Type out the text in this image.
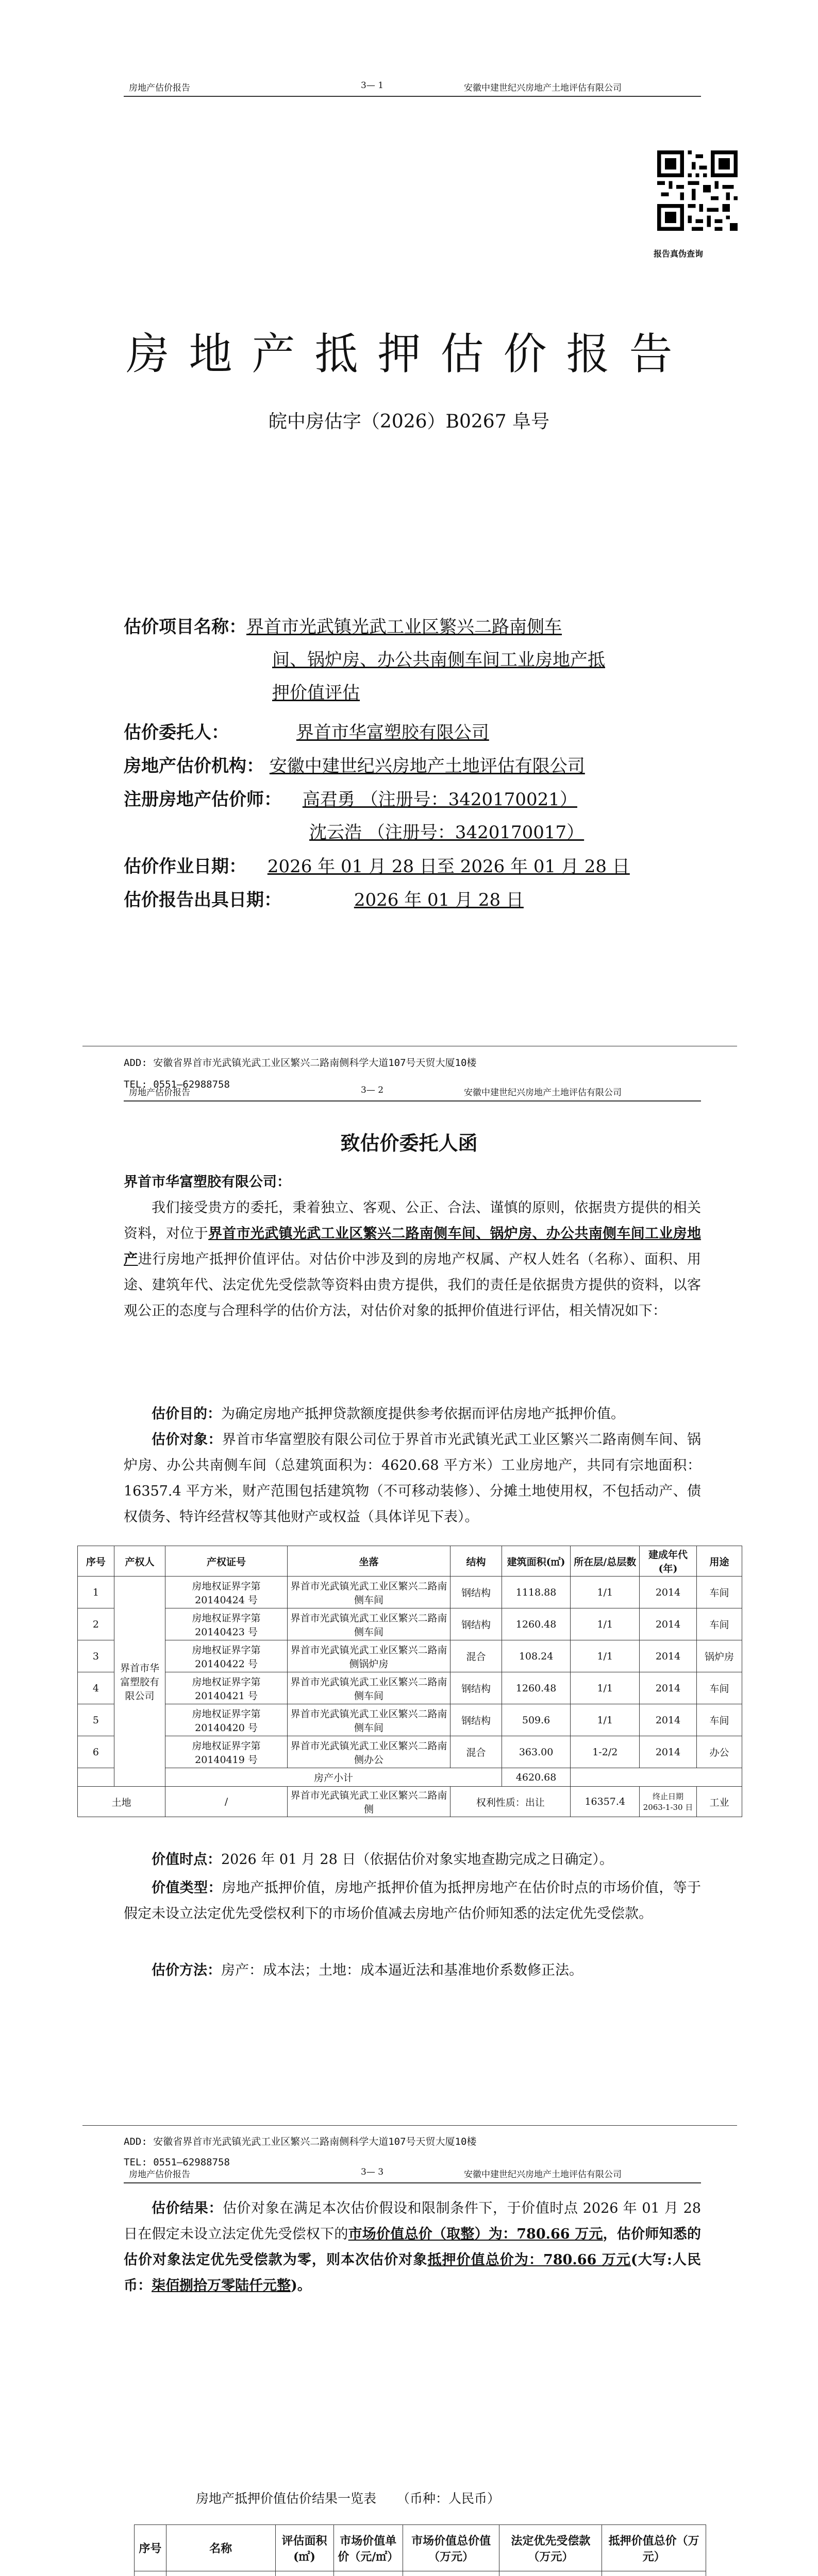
房地产估价报告	3— 1	安徽中建世纪兴房地产土地评估有限公司
报告真伪查询
房地产抵押估价报告
皖中房估字（2026）B0267 阜号
估价项目名称：界首市光武镇光武工业区繁兴二路南侧车
间、锅炉房、办公共南侧车间工业房地产抵
押价值评估
估价委托人：	界首市华富塑胶有限公司
房地产估价机构： 安徽中建世纪兴房地产土地评估有限公司
注册房地产估价师： 高君勇 （注册号：3420170021）
沈云浩 （注册号：3420170017）
估价作业日期： 2026 年 01 月 28 日至 2026 年 01 月 28 日
估价报告出具日期：	2026 年 01 月 28 日
ADD: 安徽省界首市光武镇光武工业区繁兴二路南侧科学大道107号天贸大厦10楼
TEL: 0551—62988758
房地产估价报告	3— 2	安徽中建世纪兴房地产土地评估有限公司
致估价委托人函
界首市华富塑胶有限公司：
我们接受贵方的委托，秉着独立、客观、公正、合法、谨慎的原则，依据贵方提供的相关资料，对位于界首市光武镇光武工业区繁兴二路南侧车间、锅炉房、办公共南侧车间工业房地产进行房地产抵押价值评估。对估价中涉及到的房地产权属、产权人姓名（名称）、面积、用途、建筑年代、法定优先受偿款等资料由贵方提供，我们的责任是依据贵方提供的资料，以客观公正的态度与合理科学的估价方法，对估价对象的抵押价值进行评估，相关情况如下：
估价目的：为确定房地产抵押贷款额度提供参考依据而评估房地产抵押价值。
估价对象：界首市华富塑胶有限公司位于界首市光武镇光武工业区繁兴二路南侧车间、锅炉房、办公共南侧车间（总建筑面积为：4620.68 平方米）工业房地产，共同有宗地面积：16357.4 平方米，财产范围包括建筑物（不可移动装修）、分摊土地使用权，不包括动产、债权债务、特许经营权等其他财产或权益（具体详见下表）。
序号	产权人	产权证号	坐落	结构	建筑面积(㎡)	所在层/总层数	建成年代(年)	用途
1	界首市华富塑胶有限公司	房地权证界字第 20140424 号	界首市光武镇光武工业区繁兴二路南侧车间	钢结构	1118.88	1/1	2014	车间
2		房地权证界字第 20140423 号	界首市光武镇光武工业区繁兴二路南侧车间	钢结构	1260.48	1/1	2014	车间
3		房地权证界字第 20140422 号	界首市光武镇光武工业区繁兴二路南侧锅炉房	混合	108.24	1/1	2014	锅炉房
4		房地权证界字第 20140421 号	界首市光武镇光武工业区繁兴二路南侧车间	钢结构	1260.48	1/1	2014	车间
5		房地权证界字第 20140420 号	界首市光武镇光武工业区繁兴二路南侧车间	钢结构	509.6	1/1	2014	车间
6		房地权证界字第 20140419 号	界首市光武镇光武工业区繁兴二路南侧办公	混合	363.00	1-2/2	2014	办公
		房产小计			4620.68			
土地		/	界首市光武镇光武工业区繁兴二路南侧	权利性质：出让		16357.4	终止日期 2063-1-30 日	工业
价值时点：2026 年 01 月 28 日（依据估价对象实地查勘完成之日确定）。
价值类型：房地产抵押价值，房地产抵押价值为抵押房地产在估价时点的市场价值，等于假定未设立法定优先受偿权利下的市场价值减去房地产估价师知悉的法定优先受偿款。
估价方法：房产：成本法；土地：成本逼近法和基准地价系数修正法。
ADD: 安徽省界首市光武镇光武工业区繁兴二路南侧科学大道107号天贸大厦10楼
TEL: 0551—62988758
房地产估价报告	3— 3	安徽中建世纪兴房地产土地评估有限公司
估价结果：估价对象在满足本次估价假设和限制条件下，于价值时点 2026 年 01 月 28 日在假定未设立法定优先受偿权下的市场价值总价（取整）为：780.66 万元，估价师知悉的估价对象法定优先受偿款为零，则本次估价对象抵押价值总价为：780.66 万元(大写:人民币：柒佰捌拾万零陆仟元整)。
房地产抵押价值估价结果一览表 （币种：人民币）
序号	名称	评估面积(㎡)	市场价值单价（元/㎡）	市场价值总价值（万元）	法定优先受偿款（万元）	抵押价值总价（万元）
